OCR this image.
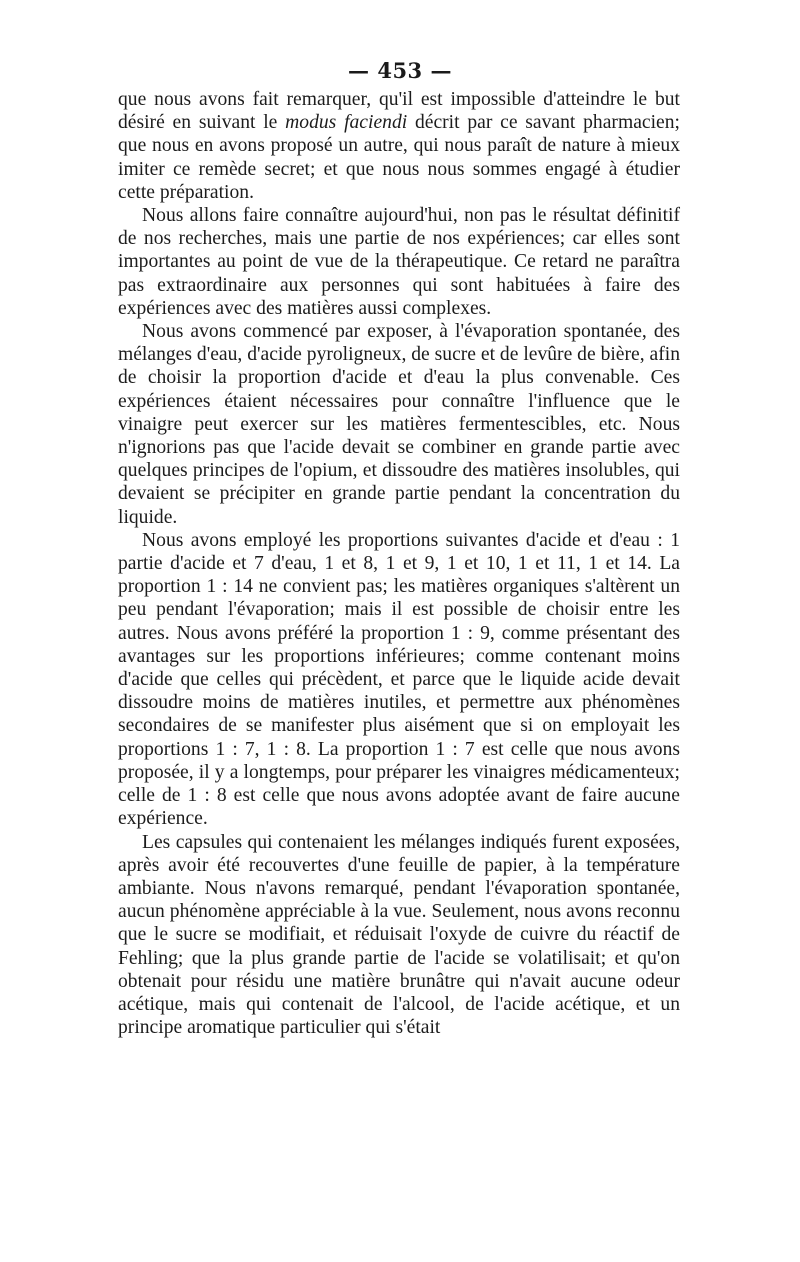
— 453 —

que nous avons fait remarquer, qu'il est impossible d'atteindre le but désiré en suivant le modus faciendi décrit par ce savant pharmacien; que nous en avons proposé un autre, qui nous paraît de nature à mieux imiter ce remède secret; et que nous nous sommes engagé à étudier cette préparation.

Nous allons faire connaître aujourd'hui, non pas le résultat définitif de nos recherches, mais une partie de nos expériences; car elles sont importantes au point de vue de la thérapeutique. Ce retard ne paraîtra pas extraordinaire aux personnes qui sont habituées à faire des expériences avec des matières aussi complexes.

Nous avons commencé par exposer, à l'évaporation spontanée, des mélanges d'eau, d'acide pyroligneux, de sucre et de levûre de bière, afin de choisir la proportion d'acide et d'eau la plus convenable. Ces expériences étaient nécessaires pour connaître l'influence que le vinaigre peut exercer sur les matières fermentescibles, etc. Nous n'ignorions pas que l'acide devait se combiner en grande partie avec quelques principes de l'opium, et dissoudre des matières insolubles, qui devaient se précipiter en grande partie pendant la concentration du liquide.

Nous avons employé les proportions suivantes d'acide et d'eau : 1 partie d'acide et 7 d'eau, 1 et 8, 1 et 9, 1 et 10, 1 et 11, 1 et 14. La proportion 1 : 14 ne convient pas; les matières organiques s'altèrent un peu pendant l'évaporation; mais il est possible de choisir entre les autres. Nous avons préféré la proportion 1 : 9, comme présentant des avantages sur les proportions inférieures; comme contenant moins d'acide que celles qui précèdent, et parce que le liquide acide devait dissoudre moins de matières inutiles, et permettre aux phénomènes secondaires de se manifester plus aisément que si on employait les proportions 1 : 7, 1 : 8. La proportion 1 : 7 est celle que nous avons proposée, il y a longtemps, pour préparer les vinaigres médicamenteux; celle de 1 : 8 est celle que nous avons adoptée avant de faire aucune expérience.

Les capsules qui contenaient les mélanges indiqués furent exposées, après avoir été recouvertes d'une feuille de papier, à la température ambiante. Nous n'avons remarqué, pendant l'évaporation spontanée, aucun phénomène appréciable à la vue. Seulement, nous avons reconnu que le sucre se modifiait, et réduisait l'oxyde de cuivre du réactif de Fehling; que la plus grande partie de l'acide se volatilisait; et qu'on obtenait pour résidu une matière brunâtre qui n'avait aucune odeur acétique, mais qui contenait de l'alcool, de l'acide acétique, et un principe aromatique particulier qui s'était
